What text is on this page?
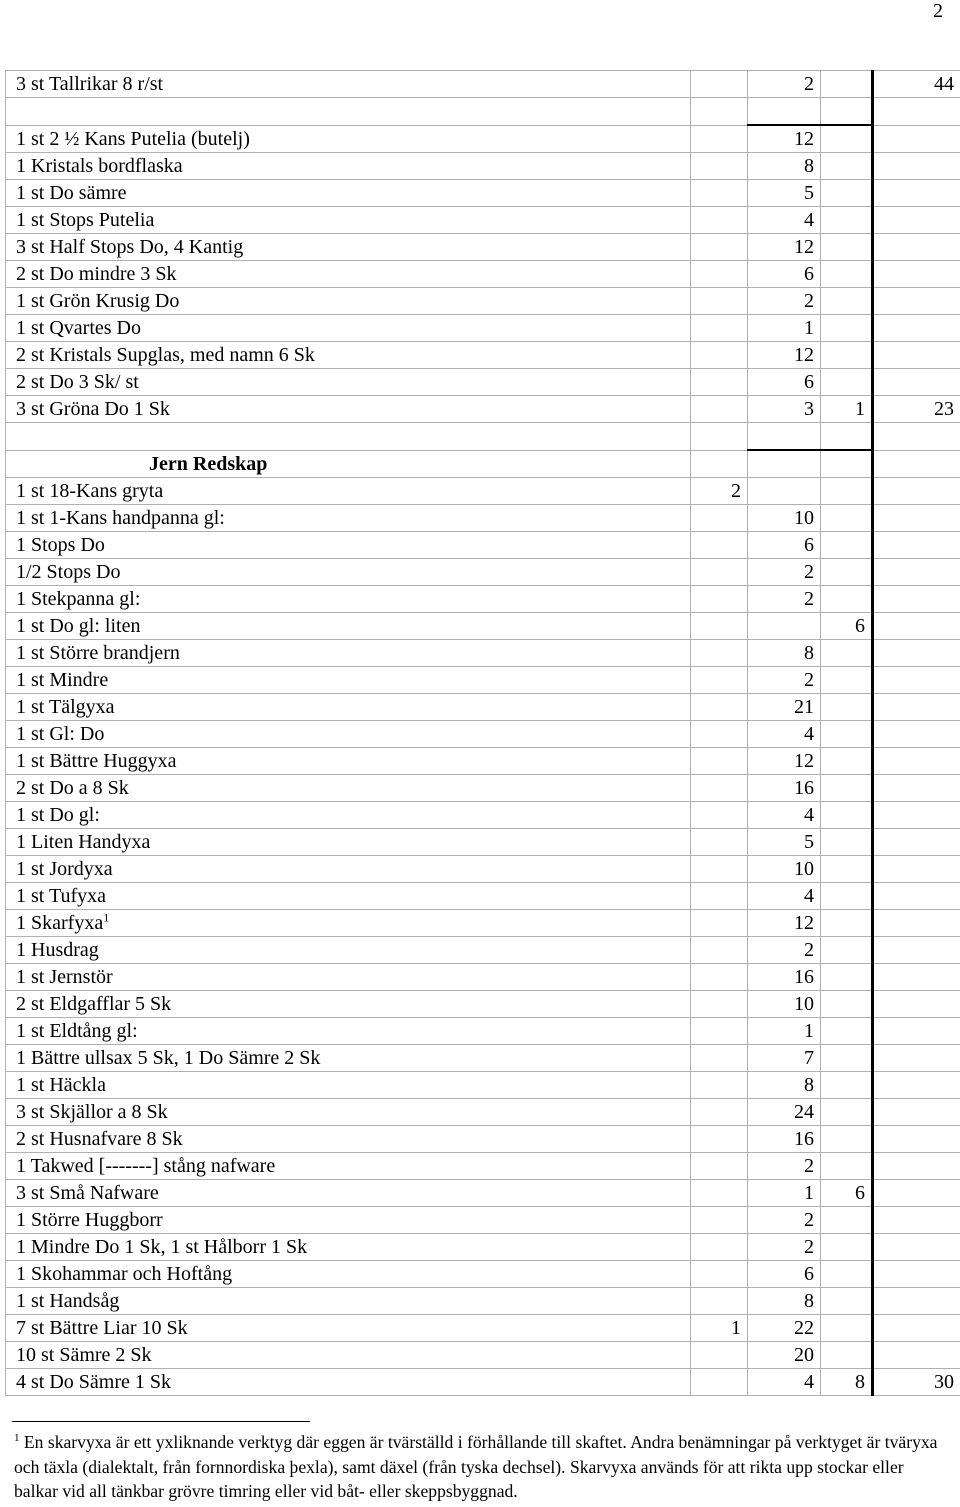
2
3 st Tallrikar 8 r/st		2		44

1 st 2 ½ Kans Putelia (butelj)		12		
1 Kristals bordflaska		8		
1 st Do sämre		5		
1 st Stops Putelia		4		
3 st Half Stops Do, 4 Kantig		12		
2 st Do mindre 3 Sk		6		
1 st Grön Krusig Do		2		
1 st Qvartes Do		1		
2 st Kristals Supglas, med namn 6 Sk		12		
2 st Do 3 Sk/ st		6		
3 st Gröna Do 1 Sk		3	1	23

Jern Redskap				
1 st 18-Kans gryta	2			
1 st 1-Kans handpanna gl:		10		
1 Stops Do		6		
1/2 Stops Do		2		
1 Stekpanna gl:		2		
1 st Do gl: liten			6	
1 st Större brandjern		8		
1 st Mindre		2		
1 st Tälgyxa		21		
1 st Gl: Do		4		
1 st Bättre Huggyxa		12		
2 st Do a 8 Sk		16		
1 st Do gl:		4		
1 Liten Handyxa		5		
1 st Jordyxa		10		
1 st Tufyxa		4		
1 Skarfyxa$^1$		12		
1 Husdrag		2		
1 st Jernstör		16		
2 st Eldgafflar 5 Sk		10		
1 st Eldtång gl:		1		
1 Bättre ullsax 5 Sk, 1 Do Sämre 2 Sk		7		
1 st Häckla		8		
3 st Skjällor a 8 Sk		24		
2 st Husnafvare 8 Sk		16		
1 Takwed [-------] stång nafware		2		
3 st Små Nafware		1	6	
1 Större Huggborr		2		
1 Mindre Do 1 Sk, 1 st Hålborr 1 Sk		2		
1 Skohammar och Hoftång		6		
1 st Handsåg		8		
7 st Bättre Liar 10 Sk	1	22		
10 st Sämre 2 Sk		20		
4 st Do Sämre 1 Sk		4	8	30
$^1$ En skarvyxa är ett yxliknande verktyg där eggen är tvärställd i förhållande till skaftet. Andra benämningar på verktyget är tväryxa och täxla (dialektalt, från fornnordiska þexla), samt däxel (från tyska dechsel). Skarvyxa används för att rikta upp stockar eller balkar vid all tänkbar grövre timring eller vid båt- eller skeppsbyggnad.
